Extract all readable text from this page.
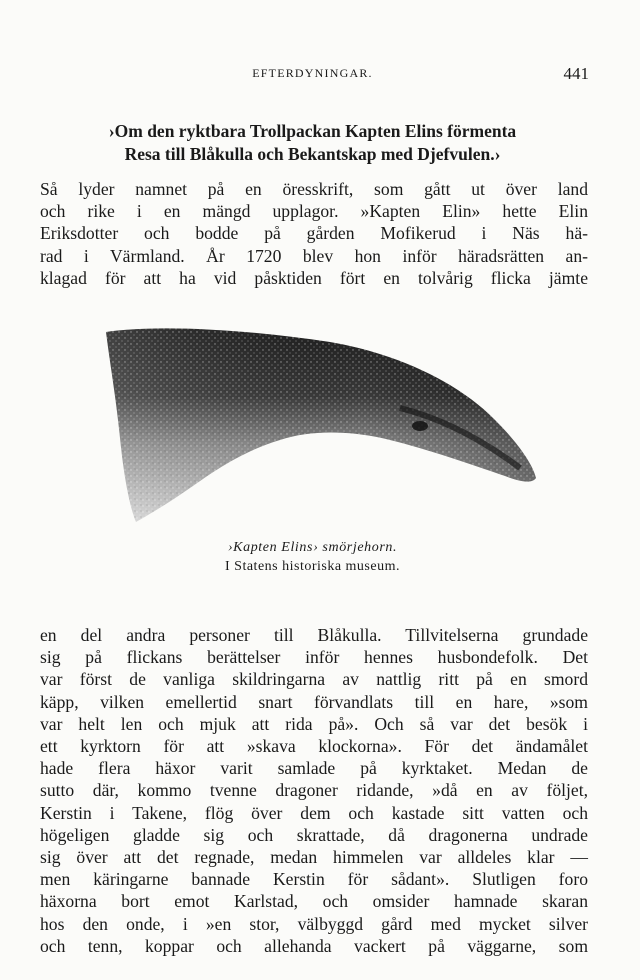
EFTERDYNINGAR.	441
›Om den ryktbara Trollpackan Kapten Elins förmenta
Resa till Blåkulla och Bekantskap med Djefvulen.›
Så lyder namnet på en öresskrift, som gått ut över land
och rike i en mängd upplagor. »Kapten Elin» hette Elin
Eriksdotter och bodde på gården Mofikerud i Näs hä-
rad i Värmland. År 1720 blev hon inför häradsrätten an-
klagad för att ha vid påsktiden fört en tolvårig flicka jämte
›Kapten Elins› smörjehorn.
I Statens historiska museum.
en del andra personer till Blåkulla. Tillvitelserna grundade
sig på flickans berättelser inför hennes husbondefolk. Det
var först de vanliga skildringarna av nattlig ritt på en smord
käpp, vilken emellertid snart förvandlats till en hare, »som
var helt len och mjuk att rida på». Och så var det besök i
ett kyrktorn för att »skava klockorna». För det ändamålet
hade flera häxor varit samlade på kyrktaket. Medan de
sutto där, kommo tvenne dragoner ridande, »då en av följet,
Kerstin i Takene, flög över dem och kastade sitt vatten och
högeligen gladde sig och skrattade, då dragonerna undrade
sig över att det regnade, medan himmelen var alldeles klar —
men käringarne bannade Kerstin för sådant». Slutligen foro
häxorna bort emot Karlstad, och omsider hamnade skaran
hos den onde, i »en stor, välbyggd gård med mycket silver
och tenn, koppar och allehanda vackert på väggarne, som
